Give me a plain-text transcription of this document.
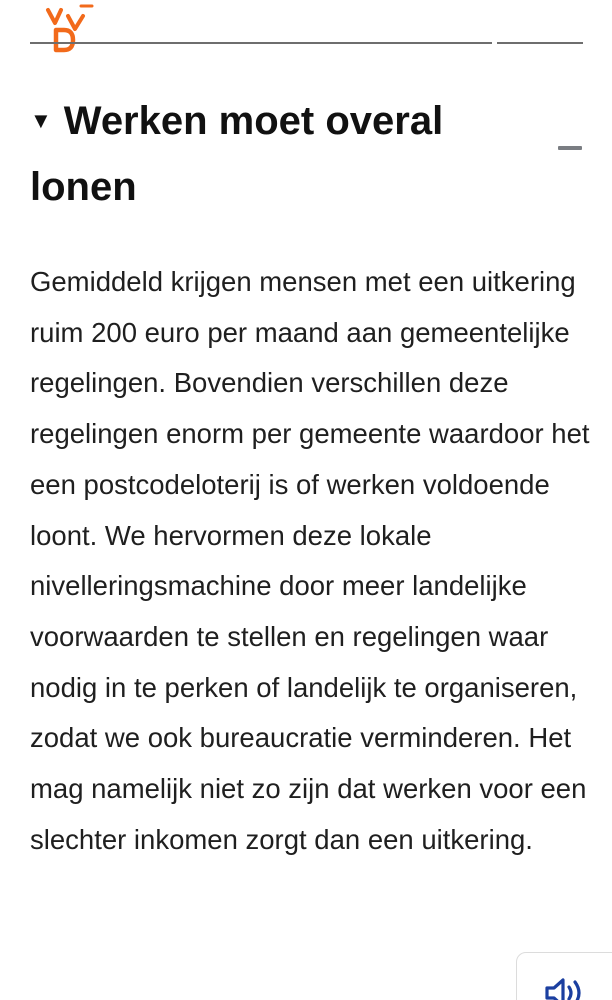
▼ Werken moet overal lonen

Gemiddeld krijgen mensen met een uitkering ruim 200 euro per maand aan gemeentelijke regelingen. Bovendien verschillen deze regelingen enorm per gemeente waardoor het een postcodeloterij is of werken voldoende loont. We hervormen deze lokale nivelleringsmachine door meer landelijke voorwaarden te stellen en regelingen waar nodig in te perken of landelijk te organiseren, zodat we ook bureaucratie verminderen. Het mag namelijk niet zo zijn dat werken voor een slechter inkomen zorgt dan een uitkering.
